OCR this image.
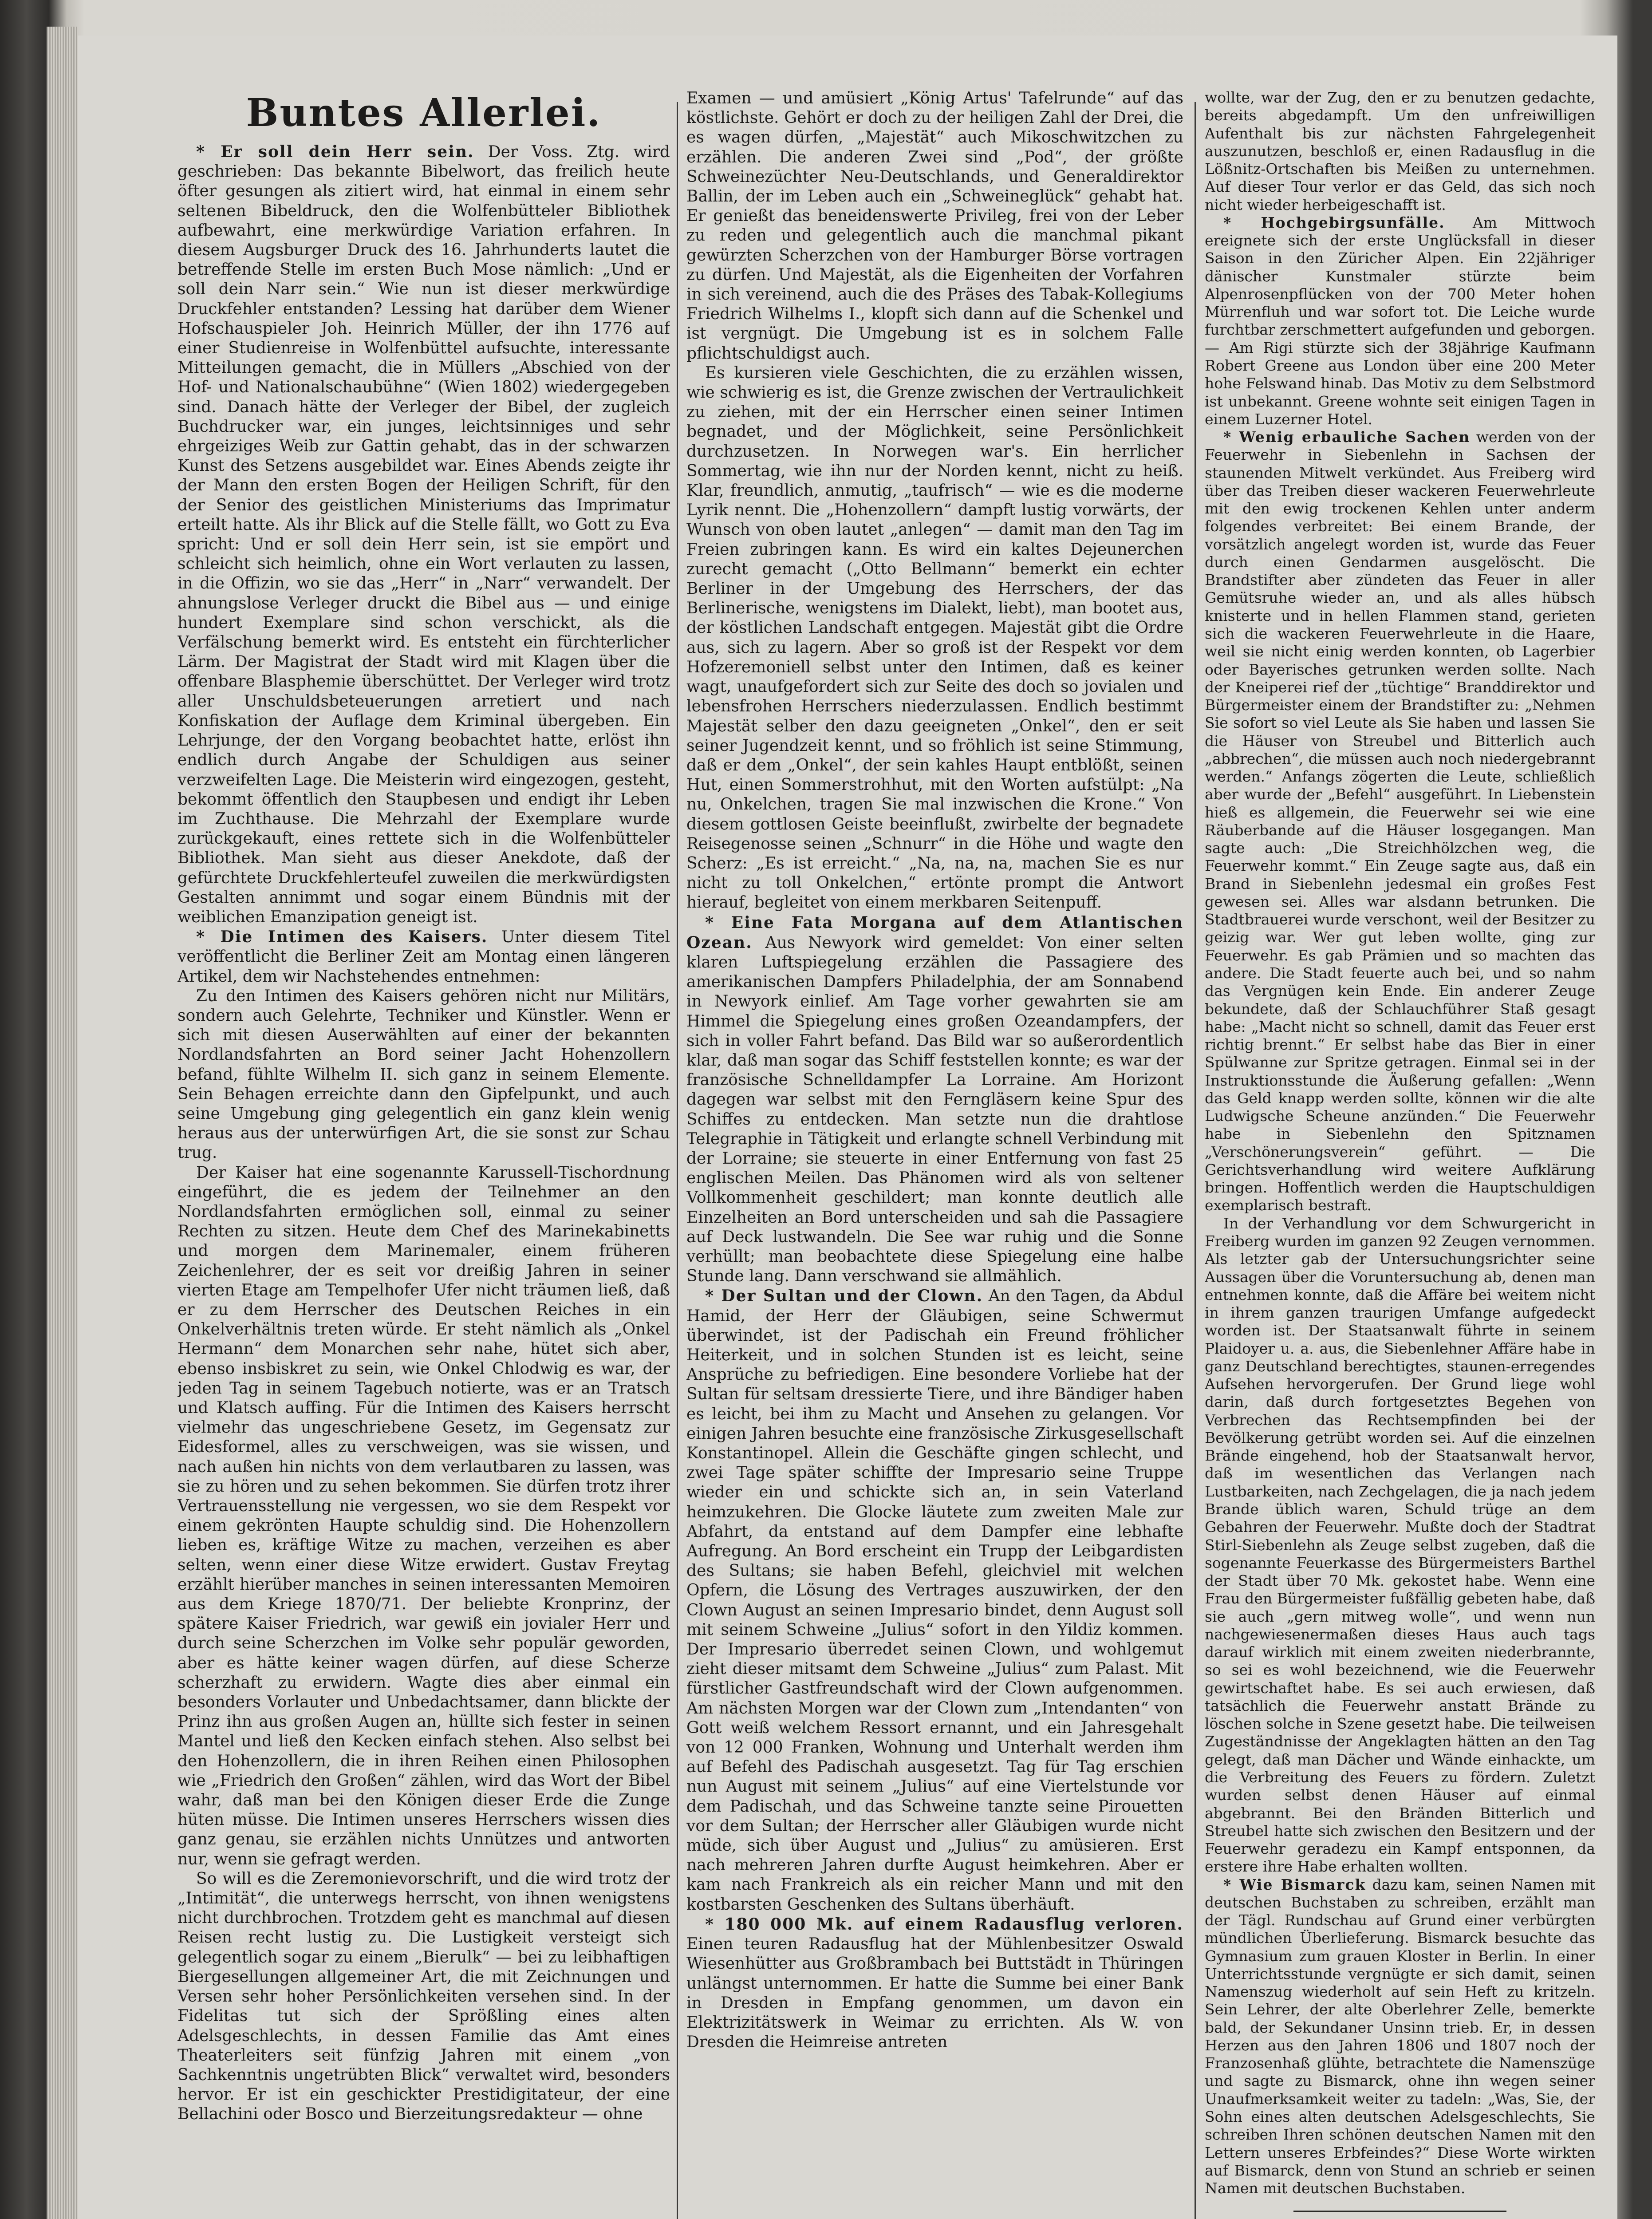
Buntes Allerlei.

* Er soll dein Herr sein. Der Voss. Ztg. wird geschrieben: Das bekannte Bibelwort, das freilich heute öfter gesungen als zitiert wird, hat einmal in einem sehr seltenen Bibeldruck, den die Wolfenbütteler Bibliothek aufbewahrt, eine merkwürdige Variation erfahren. In diesem Augsburger Druck des 16. Jahrhunderts lautet die betreffende Stelle im ersten Buch Mose nämlich: „Und er soll dein Narr sein.“ Wie nun ist dieser merkwürdige Druckfehler entstanden? Lessing hat darüber dem Wiener Hofschauspieler Joh. Heinrich Müller, der ihn 1776 auf einer Studienreise in Wolfenbüttel aufsuchte, interessante Mitteilungen gemacht, die in Müllers „Abschied von der Hof- und Nationalschaubühne“ (Wien 1802) wiedergegeben sind. Danach hätte der Verleger der Bibel, der zugleich Buchdrucker war, ein junges, leichtsinniges und sehr ehrgeiziges Weib zur Gattin gehabt, das in der schwarzen Kunst des Setzens ausgebildet war. Eines Abends zeigte ihr der Mann den ersten Bogen der Heiligen Schrift, für den der Senior des geistlichen Ministeriums das Imprimatur erteilt hatte. Als ihr Blick auf die Stelle fällt, wo Gott zu Eva spricht: Und er soll dein Herr sein, ist sie empört und schleicht sich heimlich, ohne ein Wort verlauten zu lassen, in die Offizin, wo sie das „Herr“ in „Narr“ verwandelt. Der ahnungslose Verleger druckt die Bibel aus — und einige hundert Exemplare sind schon verschickt, als die Verfälschung bemerkt wird. Es entsteht ein fürchterlicher Lärm. Der Magistrat der Stadt wird mit Klagen über die offenbare Blasphemie überschüttet. Der Verleger wird trotz aller Unschuldsbeteuerungen arretiert und nach Konfiskation der Auflage dem Kriminal übergeben. Ein Lehrjunge, der den Vorgang beobachtet hatte, erlöst ihn endlich durch Angabe der Schuldigen aus seiner verzweifelten Lage. Die Meisterin wird eingezogen, gesteht, bekommt öffentlich den Staupbesen und endigt ihr Leben im Zuchthause. Die Mehrzahl der Exemplare wurde zurückgekauft, eines rettete sich in die Wolfenbütteler Bibliothek. Man sieht aus dieser Anekdote, daß der gefürchtete Druckfehlerteufel zuweilen die merkwürdigsten Gestalten annimmt und sogar einem Bündnis mit der weiblichen Emanzipation geneigt ist.

* Die Intimen des Kaisers. Unter diesem Titel veröffentlicht die Berliner Zeit am Montag einen längeren Artikel, dem wir Nachstehendes entnehmen:

Zu den Intimen des Kaisers gehören nicht nur Militärs, sondern auch Gelehrte, Techniker und Künstler. Wenn er sich mit diesen Auserwählten auf einer der bekannten Nordlandsfahrten an Bord seiner Jacht Hohenzollern befand, fühlte Wilhelm II. sich ganz in seinem Elemente. Sein Behagen erreichte dann den Gipfelpunkt, und auch seine Umgebung ging gelegentlich ein ganz klein wenig heraus aus der unterwürfigen Art, die sie sonst zur Schau trug.

Der Kaiser hat eine sogenannte Karussell-Tischordnung eingeführt, die es jedem der Teilnehmer an den Nordlandsfahrten ermöglichen soll, einmal zu seiner Rechten zu sitzen. Heute dem Chef des Marinekabinetts und morgen dem Marinemaler, einem früheren Zeichenlehrer, der es seit vor dreißig Jahren in seiner vierten Etage am Tempelhofer Ufer nicht träumen ließ, daß er zu dem Herrscher des Deutschen Reiches in ein Onkelverhältnis treten würde. Er steht nämlich als „Onkel Hermann“ dem Monarchen sehr nahe, hütet sich aber, ebenso insbiskret zu sein, wie Onkel Chlodwig es war, der jeden Tag in seinem Tagebuch notierte, was er an Tratsch und Klatsch auffing. Für die Intimen des Kaisers herrscht vielmehr das ungeschriebene Gesetz, im Gegensatz zur Eidesformel, alles zu verschweigen, was sie wissen, und nach außen hin nichts von dem verlautbaren zu lassen, was sie zu hören und zu sehen bekommen. Sie dürfen trotz ihrer Vertrauensstellung nie vergessen, wo sie dem Respekt vor einem gekrönten Haupte schuldig sind. Die Hohenzollern lieben es, kräftige Witze zu machen, verzeihen es aber selten, wenn einer diese Witze erwidert. Gustav Freytag erzählt hierüber manches in seinen interessanten Memoiren aus dem Kriege 1870/71. Der beliebte Kronprinz, der spätere Kaiser Friedrich, war gewiß ein jovialer Herr und durch seine Scherzchen im Volke sehr populär geworden, aber es hätte keiner wagen dürfen, auf diese Scherze scherzhaft zu erwidern. Wagte dies aber einmal ein besonders Vorlauter und Unbedachtsamer, dann blickte der Prinz ihn aus großen Augen an, hüllte sich fester in seinen Mantel und ließ den Kecken einfach stehen. Also selbst bei den Hohenzollern, die in ihren Reihen einen Philosophen wie „Friedrich den Großen“ zählen, wird das Wort der Bibel wahr, daß man bei den Königen dieser Erde die Zunge hüten müsse. Die Intimen unseres Herrschers wissen dies ganz genau, sie erzählen nichts Unnützes und antworten nur, wenn sie gefragt werden.

So will es die Zeremonievorschrift, und die wird trotz der „Intimität“, die unterwegs herrscht, von ihnen wenigstens nicht durchbrochen. Trotzdem geht es manchmal auf diesen Reisen recht lustig zu. Die Lustigkeit versteigt sich gelegentlich sogar zu einem „Bierulk“ — bei zu leibhaftigen Biergesellungen allgemeiner Art, die mit Zeichnungen und Versen sehr hoher Persönlichkeiten versehen sind. In der Fidelitas tut sich der Sprößling eines alten Adelsgeschlechts, in dessen Familie das Amt eines Theaterleiters seit fünfzig Jahren mit einem „von Sachkenntnis ungetrübten Blick“ verwaltet wird, besonders hervor. Er ist ein geschickter Prestidigitateur, der eine Bellachini oder Bosco und Bierzeitungsredakteur — ohne

Examen — und amüsiert „König Artus' Tafelrunde“ auf das köstlichste. Gehört er doch zu der heiligen Zahl der Drei, die es wagen dürfen, „Majestät“ auch Mikoschwitzchen zu erzählen. Die anderen Zwei sind „Pod“, der größte Schweinezüchter Neu-Deutschlands, und Generaldirektor Ballin, der im Leben auch ein „Schweineglück“ gehabt hat. Er genießt das beneidenswerte Privileg, frei von der Leber zu reden und gelegentlich auch die manchmal pikant gewürzten Scherzchen von der Hamburger Börse vortragen zu dürfen. Und Majestät, als die Eigenheiten der Vorfahren in sich vereinend, auch die des Präses des Tabak-Kollegiums Friedrich Wilhelms I., klopft sich dann auf die Schenkel und ist vergnügt. Die Umgebung ist es in solchem Falle pflichtschuldigst auch.

Es kursieren viele Geschichten, die zu erzählen wissen, wie schwierig es ist, die Grenze zwischen der Vertraulichkeit zu ziehen, mit der ein Herrscher einen seiner Intimen begnadet, und der Möglichkeit, seine Persönlichkeit durchzusetzen. In Norwegen war's. Ein herrlicher Sommertag, wie ihn nur der Norden kennt, nicht zu heiß. Klar, freundlich, anmutig, „taufrisch“ — wie es die moderne Lyrik nennt. Die „Hohenzollern“ dampft lustig vorwärts, der Wunsch von oben lautet „anlegen“ — damit man den Tag im Freien zubringen kann. Es wird ein kaltes Dejeunerchen zurecht gemacht („Otto Bellmann“ bemerkt ein echter Berliner in der Umgebung des Herrschers, der das Berlinerische, wenigstens im Dialekt, liebt), man bootet aus, der köstlichen Landschaft entgegen. Majestät gibt die Ordre aus, sich zu lagern. Aber so groß ist der Respekt vor dem Hofzeremoniell selbst unter den Intimen, daß es keiner wagt, unaufgefordert sich zur Seite des doch so jovialen und lebensfrohen Herrschers niederzulassen. Endlich bestimmt Majestät selber den dazu geeigneten „Onkel“, den er seit seiner Jugendzeit kennt, und so fröhlich ist seine Stimmung, daß er dem „Onkel“, der sein kahles Haupt entblößt, seinen Hut, einen Sommerstrohhut, mit den Worten aufstülpt: „Na nu, Onkelchen, tragen Sie mal inzwischen die Krone.“ Von diesem gottlosen Geiste beeinflußt, zwirbelte der begnadete Reisegenosse seinen „Schnurr“ in die Höhe und wagte den Scherz: „Es ist erreicht.“ „Na, na, na, machen Sie es nur nicht zu toll Onkelchen,“ ertönte prompt die Antwort hierauf, begleitet von einem merkbaren Seitenpuff.

* Eine Fata Morgana auf dem Atlantischen Ozean. Aus Newyork wird gemeldet: Von einer selten klaren Luftspiegelung erzählen die Passagiere des amerikanischen Dampfers Philadelphia, der am Sonnabend in Newyork einlief. Am Tage vorher gewahrten sie am Himmel die Spiegelung eines großen Ozeandampfers, der sich in voller Fahrt befand. Das Bild war so außerordentlich klar, daß man sogar das Schiff feststellen konnte; es war der französische Schnelldampfer La Lorraine. Am Horizont dagegen war selbst mit den Ferngläsern keine Spur des Schiffes zu entdecken. Man setzte nun die drahtlose Telegraphie in Tätigkeit und erlangte schnell Verbindung mit der Lorraine; sie steuerte in einer Entfernung von fast 25 englischen Meilen. Das Phänomen wird als von seltener Vollkommenheit geschildert; man konnte deutlich alle Einzelheiten an Bord unterscheiden und sah die Passagiere auf Deck lustwandeln. Die See war ruhig und die Sonne verhüllt; man beobachtete diese Spiegelung eine halbe Stunde lang. Dann verschwand sie allmählich.

* Der Sultan und der Clown. An den Tagen, da Abdul Hamid, der Herr der Gläubigen, seine Schwermut überwindet, ist der Padischah ein Freund fröhlicher Heiterkeit, und in solchen Stunden ist es leicht, seine Ansprüche zu befriedigen. Eine besondere Vorliebe hat der Sultan für seltsam dressierte Tiere, und ihre Bändiger haben es leicht, bei ihm zu Macht und Ansehen zu gelangen. Vor einigen Jahren besuchte eine französische Zirkusgesellschaft Konstantinopel. Allein die Geschäfte gingen schlecht, und zwei Tage später schiffte der Impresario seine Truppe wieder ein und schickte sich an, in sein Vaterland heimzukehren. Die Glocke läutete zum zweiten Male zur Abfahrt, da entstand auf dem Dampfer eine lebhafte Aufregung. An Bord erscheint ein Trupp der Leibgardisten des Sultans; sie haben Befehl, gleichviel mit welchen Opfern, die Lösung des Vertrages auszuwirken, der den Clown August an seinen Impresario bindet, denn August soll mit seinem Schweine „Julius“ sofort in den Yildiz kommen. Der Impresario überredet seinen Clown, und wohlgemut zieht dieser mitsamt dem Schweine „Julius“ zum Palast. Mit fürstlicher Gastfreundschaft wird der Clown aufgenommen. Am nächsten Morgen war der Clown zum „Intendanten“ von Gott weiß welchem Ressort ernannt, und ein Jahresgehalt von 12 000 Franken, Wohnung und Unterhalt werden ihm auf Befehl des Padischah ausgesetzt. Tag für Tag erschien nun August mit seinem „Julius“ auf eine Viertelstunde vor dem Padischah, und das Schweine tanzte seine Pirouetten vor dem Sultan; der Herrscher aller Gläubigen wurde nicht müde, sich über August und „Julius“ zu amüsieren. Erst nach mehreren Jahren durfte August heimkehren. Aber er kam nach Frankreich als ein reicher Mann und mit den kostbarsten Geschenken des Sultans überhäuft.

* 180 000 Mk. auf einem Radausflug verloren. Einen teuren Radausflug hat der Mühlenbesitzer Oswald Wiesenhütter aus Großbrambach bei Buttstädt in Thüringen unlängst unternommen. Er hatte die Summe bei einer Bank in Dresden in Empfang genommen, um davon ein Elektrizitätswerk in Weimar zu errichten. Als W. von Dresden die Heimreise antreten

wollte, war der Zug, den er zu benutzen gedachte, bereits abgedampft. Um den unfreiwilligen Aufenthalt bis zur nächsten Fahrgelegenheit auszunutzen, beschloß er, einen Radausflug in die Lößnitz-Ortschaften bis Meißen zu unternehmen. Auf dieser Tour verlor er das Geld, das sich noch nicht wieder herbeigeschafft ist.

* Hochgebirgsunfälle. Am Mittwoch ereignete sich der erste Unglücksfall in dieser Saison in den Züricher Alpen. Ein 22jähriger dänischer Kunstmaler stürzte beim Alpenrosenpflücken von der 700 Meter hohen Mürrenfluh und war sofort tot. Die Leiche wurde furchtbar zerschmettert aufgefunden und geborgen. — Am Rigi stürzte sich der 38jährige Kaufmann Robert Greene aus London über eine 200 Meter hohe Felswand hinab. Das Motiv zu dem Selbstmord ist unbekannt. Greene wohnte seit einigen Tagen in einem Luzerner Hotel.

* Wenig erbauliche Sachen werden von der Feuerwehr in Siebenlehn in Sachsen der staunenden Mitwelt verkündet. Aus Freiberg wird über das Treiben dieser wackeren Feuerwehrleute mit den ewig trockenen Kehlen unter anderm folgendes verbreitet: Bei einem Brande, der vorsätzlich angelegt worden ist, wurde das Feuer durch einen Gendarmen ausgelöscht. Die Brandstifter aber zündeten das Feuer in aller Gemütsruhe wieder an, und als alles hübsch knisterte und in hellen Flammen stand, gerieten sich die wackeren Feuerwehrleute in die Haare, weil sie nicht einig werden konnten, ob Lagerbier oder Bayerisches getrunken werden sollte. Nach der Kneiperei rief der „tüchtige“ Branddirektor und Bürgermeister einem der Brandstifter zu: „Nehmen Sie sofort so viel Leute als Sie haben und lassen Sie die Häuser von Streubel und Bitterlich auch „abbrechen“, die müssen auch noch niedergebrannt werden.“ Anfangs zögerten die Leute, schließlich aber wurde der „Befehl“ ausgeführt. In Liebenstein hieß es allgemein, die Feuerwehr sei wie eine Räuberbande auf die Häuser losgegangen. Man sagte auch: „Die Streichhölzchen weg, die Feuerwehr kommt.“ Ein Zeuge sagte aus, daß ein Brand in Siebenlehn jedesmal ein großes Fest gewesen sei. Alles war alsdann betrunken. Die Stadtbrauerei wurde verschont, weil der Besitzer zu geizig war. Wer gut leben wollte, ging zur Feuerwehr. Es gab Prämien und so machten das andere. Die Stadt feuerte auch bei, und so nahm das Vergnügen kein Ende. Ein anderer Zeuge bekundete, daß der Schlauchführer Staß gesagt habe: „Macht nicht so schnell, damit das Feuer erst richtig brennt.“ Er selbst habe das Bier in einer Spülwanne zur Spritze getragen. Einmal sei in der Instruktionsstunde die Äußerung gefallen: „Wenn das Geld knapp werden sollte, können wir die alte Ludwigsche Scheune anzünden.“ Die Feuerwehr habe in Siebenlehn den Spitznamen „Verschönerungsverein“ geführt. — Die Gerichtsverhandlung wird weitere Aufklärung bringen. Hoffentlich werden die Hauptschuldigen exemplarisch bestraft.

In der Verhandlung vor dem Schwurgericht in Freiberg wurden im ganzen 92 Zeugen vernommen. Als letzter gab der Untersuchungsrichter seine Aussagen über die Voruntersuchung ab, denen man entnehmen konnte, daß die Affäre bei weitem nicht in ihrem ganzen traurigen Umfange aufgedeckt worden ist. Der Staatsanwalt führte in seinem Plaidoyer u. a. aus, die Siebenlehner Affäre habe in ganz Deutschland berechtigtes, staunen-erregendes Aufsehen hervorgerufen. Der Grund liege wohl darin, daß durch fortgesetztes Begehen von Verbrechen das Rechtsempfinden bei der Bevölkerung getrübt worden sei. Auf die einzelnen Brände eingehend, hob der Staatsanwalt hervor, daß im wesentlichen das Verlangen nach Lustbarkeiten, nach Zechgelagen, die ja nach jedem Brande üblich waren, Schuld trüge an dem Gebahren der Feuerwehr. Mußte doch der Stadtrat Stirl-Siebenlehn als Zeuge selbst zugeben, daß die sogenannte Feuerkasse des Bürgermeisters Barthel der Stadt über 70 Mk. gekostet habe. Wenn eine Frau den Bürgermeister fußfällig gebeten habe, daß sie auch „gern mitweg wolle“, und wenn nun nachgewiesenermaßen dieses Haus auch tags darauf wirklich mit einem zweiten niederbrannte, so sei es wohl bezeichnend, wie die Feuerwehr gewirtschaftet habe. Es sei auch erwiesen, daß tatsächlich die Feuerwehr anstatt Brände zu löschen solche in Szene gesetzt habe. Die teilweisen Zugeständnisse der Angeklagten hätten an den Tag gelegt, daß man Dächer und Wände einhackte, um die Verbreitung des Feuers zu fördern. Zuletzt wurden selbst denen Häuser auf einmal abgebrannt. Bei den Bränden Bitterlich und Streubel hatte sich zwischen den Besitzern und der Feuerwehr geradezu ein Kampf entsponnen, da erstere ihre Habe erhalten wollten.

* Wie Bismarck dazu kam, seinen Namen mit deutschen Buchstaben zu schreiben, erzählt man der Tägl. Rundschau auf Grund einer verbürgten mündlichen Überlieferung. Bismarck besuchte das Gymnasium zum grauen Kloster in Berlin. In einer Unterrichtsstunde vergnügte er sich damit, seinen Namenszug wiederholt auf sein Heft zu kritzeln. Sein Lehrer, der alte Oberlehrer Zelle, bemerkte bald, der Sekundaner Unsinn trieb. Er, in dessen Herzen aus den Jahren 1806 und 1807 noch der Franzosenhaß glühte, betrachtete die Namenszüge und sagte zu Bismarck, ohne ihn wegen seiner Unaufmerksamkeit weiter zu tadeln: „Was, Sie, der Sohn eines alten deutschen Adelsgeschlechts, Sie schreiben Ihren schönen deutschen Namen mit den Lettern unseres Erbfeindes?“ Diese Worte wirkten auf Bismarck, denn von Stund an schrieb er seinen Namen mit deutschen Buchstaben.
